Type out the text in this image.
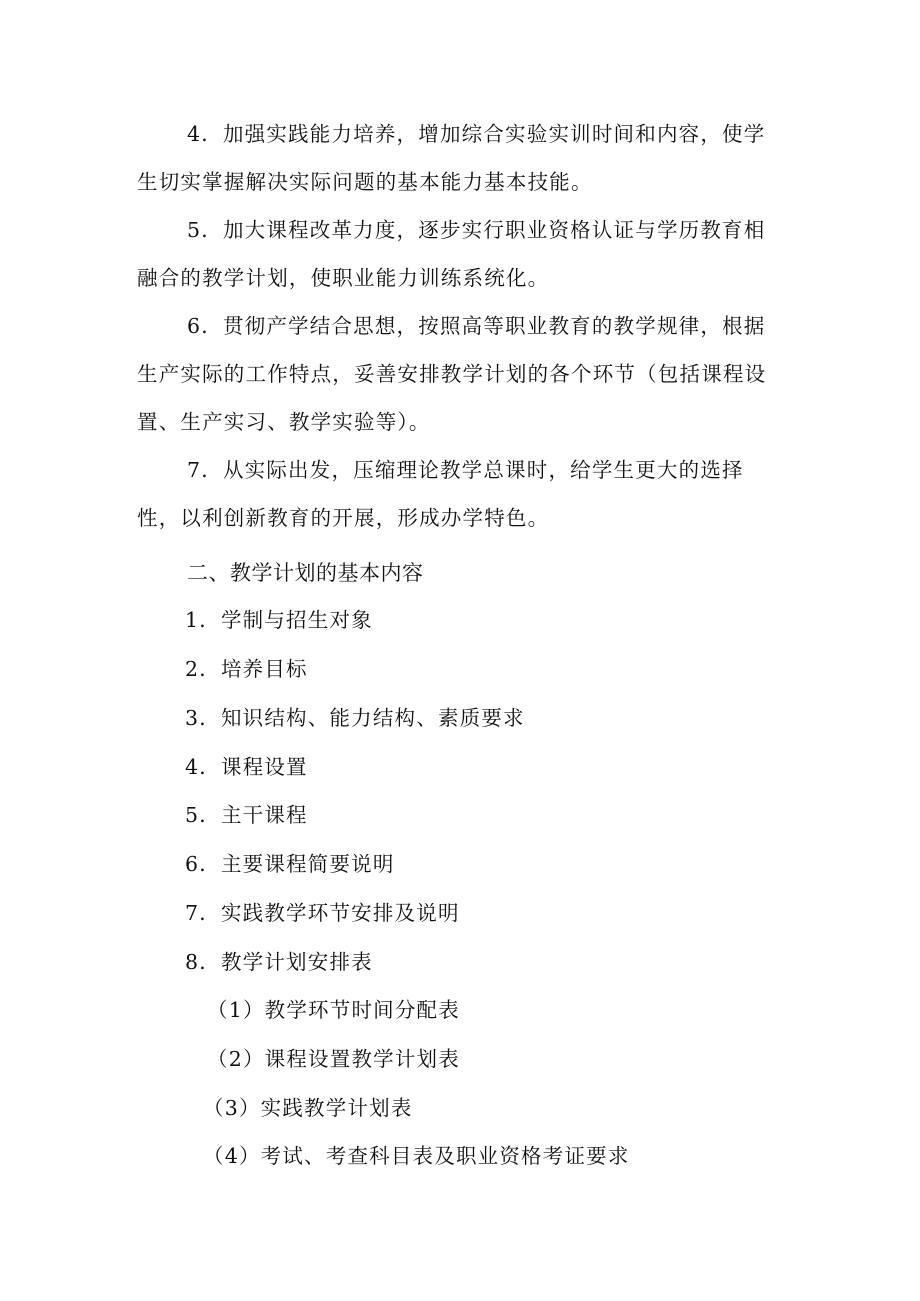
4．加强实践能力培养，增加综合实验实训时间和内容，使学生切实掌握解决实际问题的基本能力基本技能。

5．加大课程改革力度，逐步实行职业资格认证与学历教育相融合的教学计划，使职业能力训练系统化。

6．贯彻产学结合思想，按照高等职业教育的教学规律，根据生产实际的工作特点，妥善安排教学计划的各个环节（包括课程设置、生产实习、教学实验等）。

7．从实际出发，压缩理论教学总课时，给学生更大的选择性，以利创新教育的开展，形成办学特色。

二、教学计划的基本内容
1．学制与招生对象
2．培养目标
3．知识结构、能力结构、素质要求
4．课程设置
5．主干课程
6．主要课程简要说明
7．实践教学环节安排及说明
8．教学计划安排表
（1）教学环节时间分配表
（2）课程设置教学计划表
（3）实践教学计划表
（4）考试、考查科目表及职业资格考证要求
